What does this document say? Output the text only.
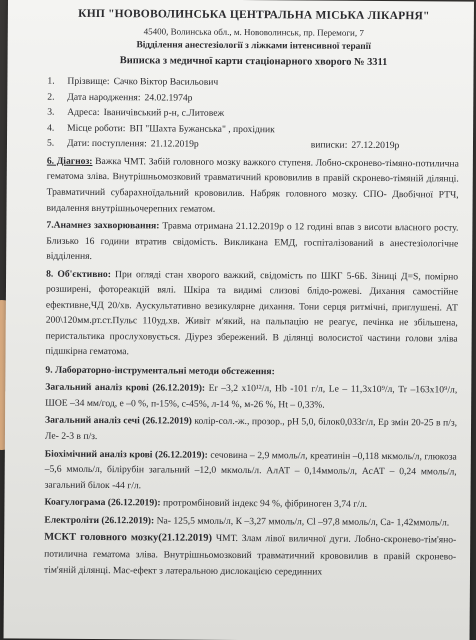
КНП "НОВОВОЛИНСЬКА ЦЕНТРАЛЬНА МІСЬКА ЛІКАРНЯ"
45400, Волинська обл., м. Нововолинськ, пр. Перемоги, 7
Відділення анестезіології з ліжками інтенсивної терапії
Виписка з медичної карти стаціонарного хворого № 3311
1.	Прізвище: Сачко Віктор Васильович
2.	Дата народження: 24.02.1974р
3.	Адреса: Іваничівський р-н, с.Литовеж
4.	Місце роботи: ВП "Шахта Бужанська" , прохідник
5.	Дати: поступлення: 21.12.2019р	виписки: 27.12.2019р

6. Діагноз: Важка ЧМТ. Забій головного мозку важкого ступеня. Лобно-скронево-тімяно-потилична гематома зліва. Внутрішньомозковий травматичний крововилив в правій скронево-тімяній ділянці. Травматичний субарахноїдальний крововилив. Набряк головного мозку. СПО- Двобічної РТЧ, видалення внутрішньочерепних гематом.

7.Анамнез захворювання: Травма отримана 21.12.2019р о 12 годині впав з висоти власного росту. Близько 16 години втратив свідомість. Викликана ЕМД, госпіталізований в анестезіологічне відділення.

8. Об'єктивно: При огляді стан хворого важкий, свідомість по ШКГ 5-6Б. Зіниці Д=S, помірно розширені, фотореакцій вялі. Шкіра та видимі слизові блідо-рожеві. Дихання самостійне ефективне,ЧД 20/хв. Аускультативно везикулярне дихання. Тони серця ритмічні, приглушені. АТ 200\120мм.рт.ст.Пульс 110уд.хв. Живіт м'який, на пальпацію не реагує, печінка не збільшена, перистальтика прослуховується. Діурез збережений. В ділянці волосистої частини голови зліва підшкірна гематома.

9. Лабораторно-інструментальні методи обстеження:

Загальний аналіз крові (26.12.2019): Er –3,2 х10¹²/л, Hb -101 г/л, Le – 11,3х10⁹/л, Tr –163х10⁹/л, ШОЕ –34 мм/год, е –0 %, п-15%, с-45%, л-14 %, м-26 %, Ht – 0,33%.

Загальний аналіз сечі (26.12.2019) колір-сол.-ж., прозор., pH 5,0, білок0,033г/л, Ер змін 20-25 в п/з, Ле- 2-3 в п/з.

Біохімічний аналіз крові (26.12.2019): сечовина – 2,9 ммоль/л, креатинін –0,118 мкмоль/л, глюкоза –5,6 ммоль/л, білірубін загальний –12,0 мкмоль/л. АлАТ – 0,14ммоль/л, АсАТ – 0,24 ммоль/л, загальний білок -44 г/л.

Коагулограма (26.12.2019): протромбіновий індекс 94 %, фібриноген 3,74 г/л.

Електроліти (26.12.2019): Na- 125,5 ммоль/л, К –3,27 ммоль/л, Сl –97,8 ммоль/л, Са- 1,42ммоль/л.

МСКТ головного мозку(21.12.2019) ЧМТ. Злам лівої виличної дуги. Лобно-скронево-тім'яно-потилична гематома зліва. Внутрішньомозковий травматичний крововилив в правій скронево-тім'яній ділянці. Мас-ефект з латеральною дислокацією серединних
